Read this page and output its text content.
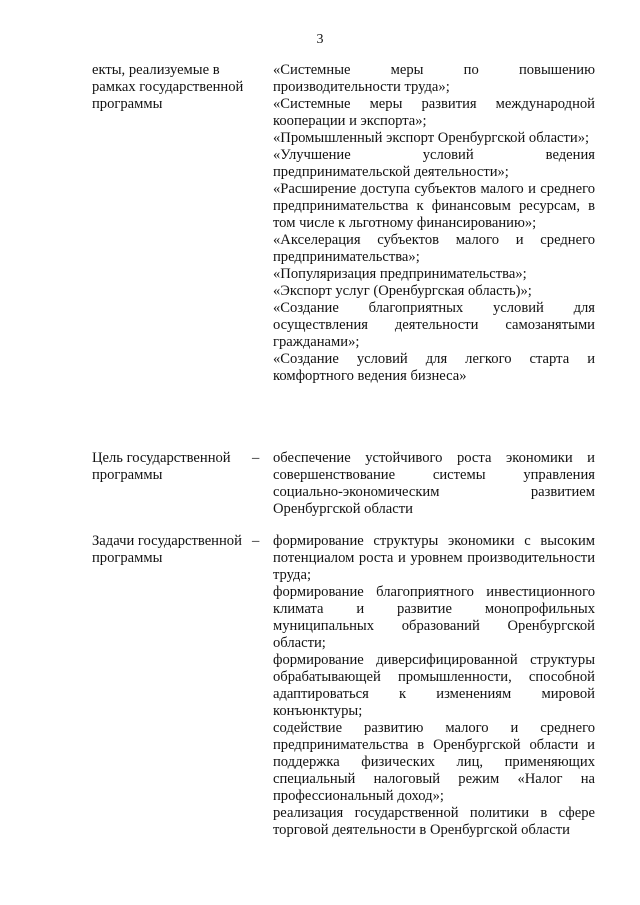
3
екты, реализуемые в рамках государственной программы

«Системные меры по повышению производительности труда»;

«Системные меры развития международной кооперации и экспорта»;

«Промышленный экспорт Оренбургской области»;

«Улучшение условий ведения предпринимательской деятельности»;

«Расширение доступа субъектов малого и среднего предпринимательства к финансовым ресурсам, в том числе к льготному финансированию»;

«Акселерация субъектов малого и среднего предпринимательства»;

«Популяризация предпринимательства»;

«Экспорт услуг (Оренбургская область)»;

«Создание благоприятных условий для осуществления деятельности самозанятыми гражданами»;

«Создание условий для легкого старта и комфортного ведения бизнеса»

Цель государственной программы
– обеспечение устойчивого роста экономики и совершенствование системы управления социально-экономическим развитием Оренбургской области

Задачи государственной программы
– формирование структуры экономики с высоким потенциалом роста и уровнем производительности труда;

формирование благоприятного инвестиционного климата и развитие монопрофильных муниципальных образований Оренбургской области;

формирование диверсифицированной структуры обрабатывающей промышленности, способной адаптироваться к изменениям мировой конъюнктуры;

содействие развитию малого и среднего предпринимательства в Оренбургской области и поддержка физических лиц, применяющих специальный налоговый режим «Налог на профессиональный доход»;

реализация государственной политики в сфере торговой деятельности в Оренбургской области
